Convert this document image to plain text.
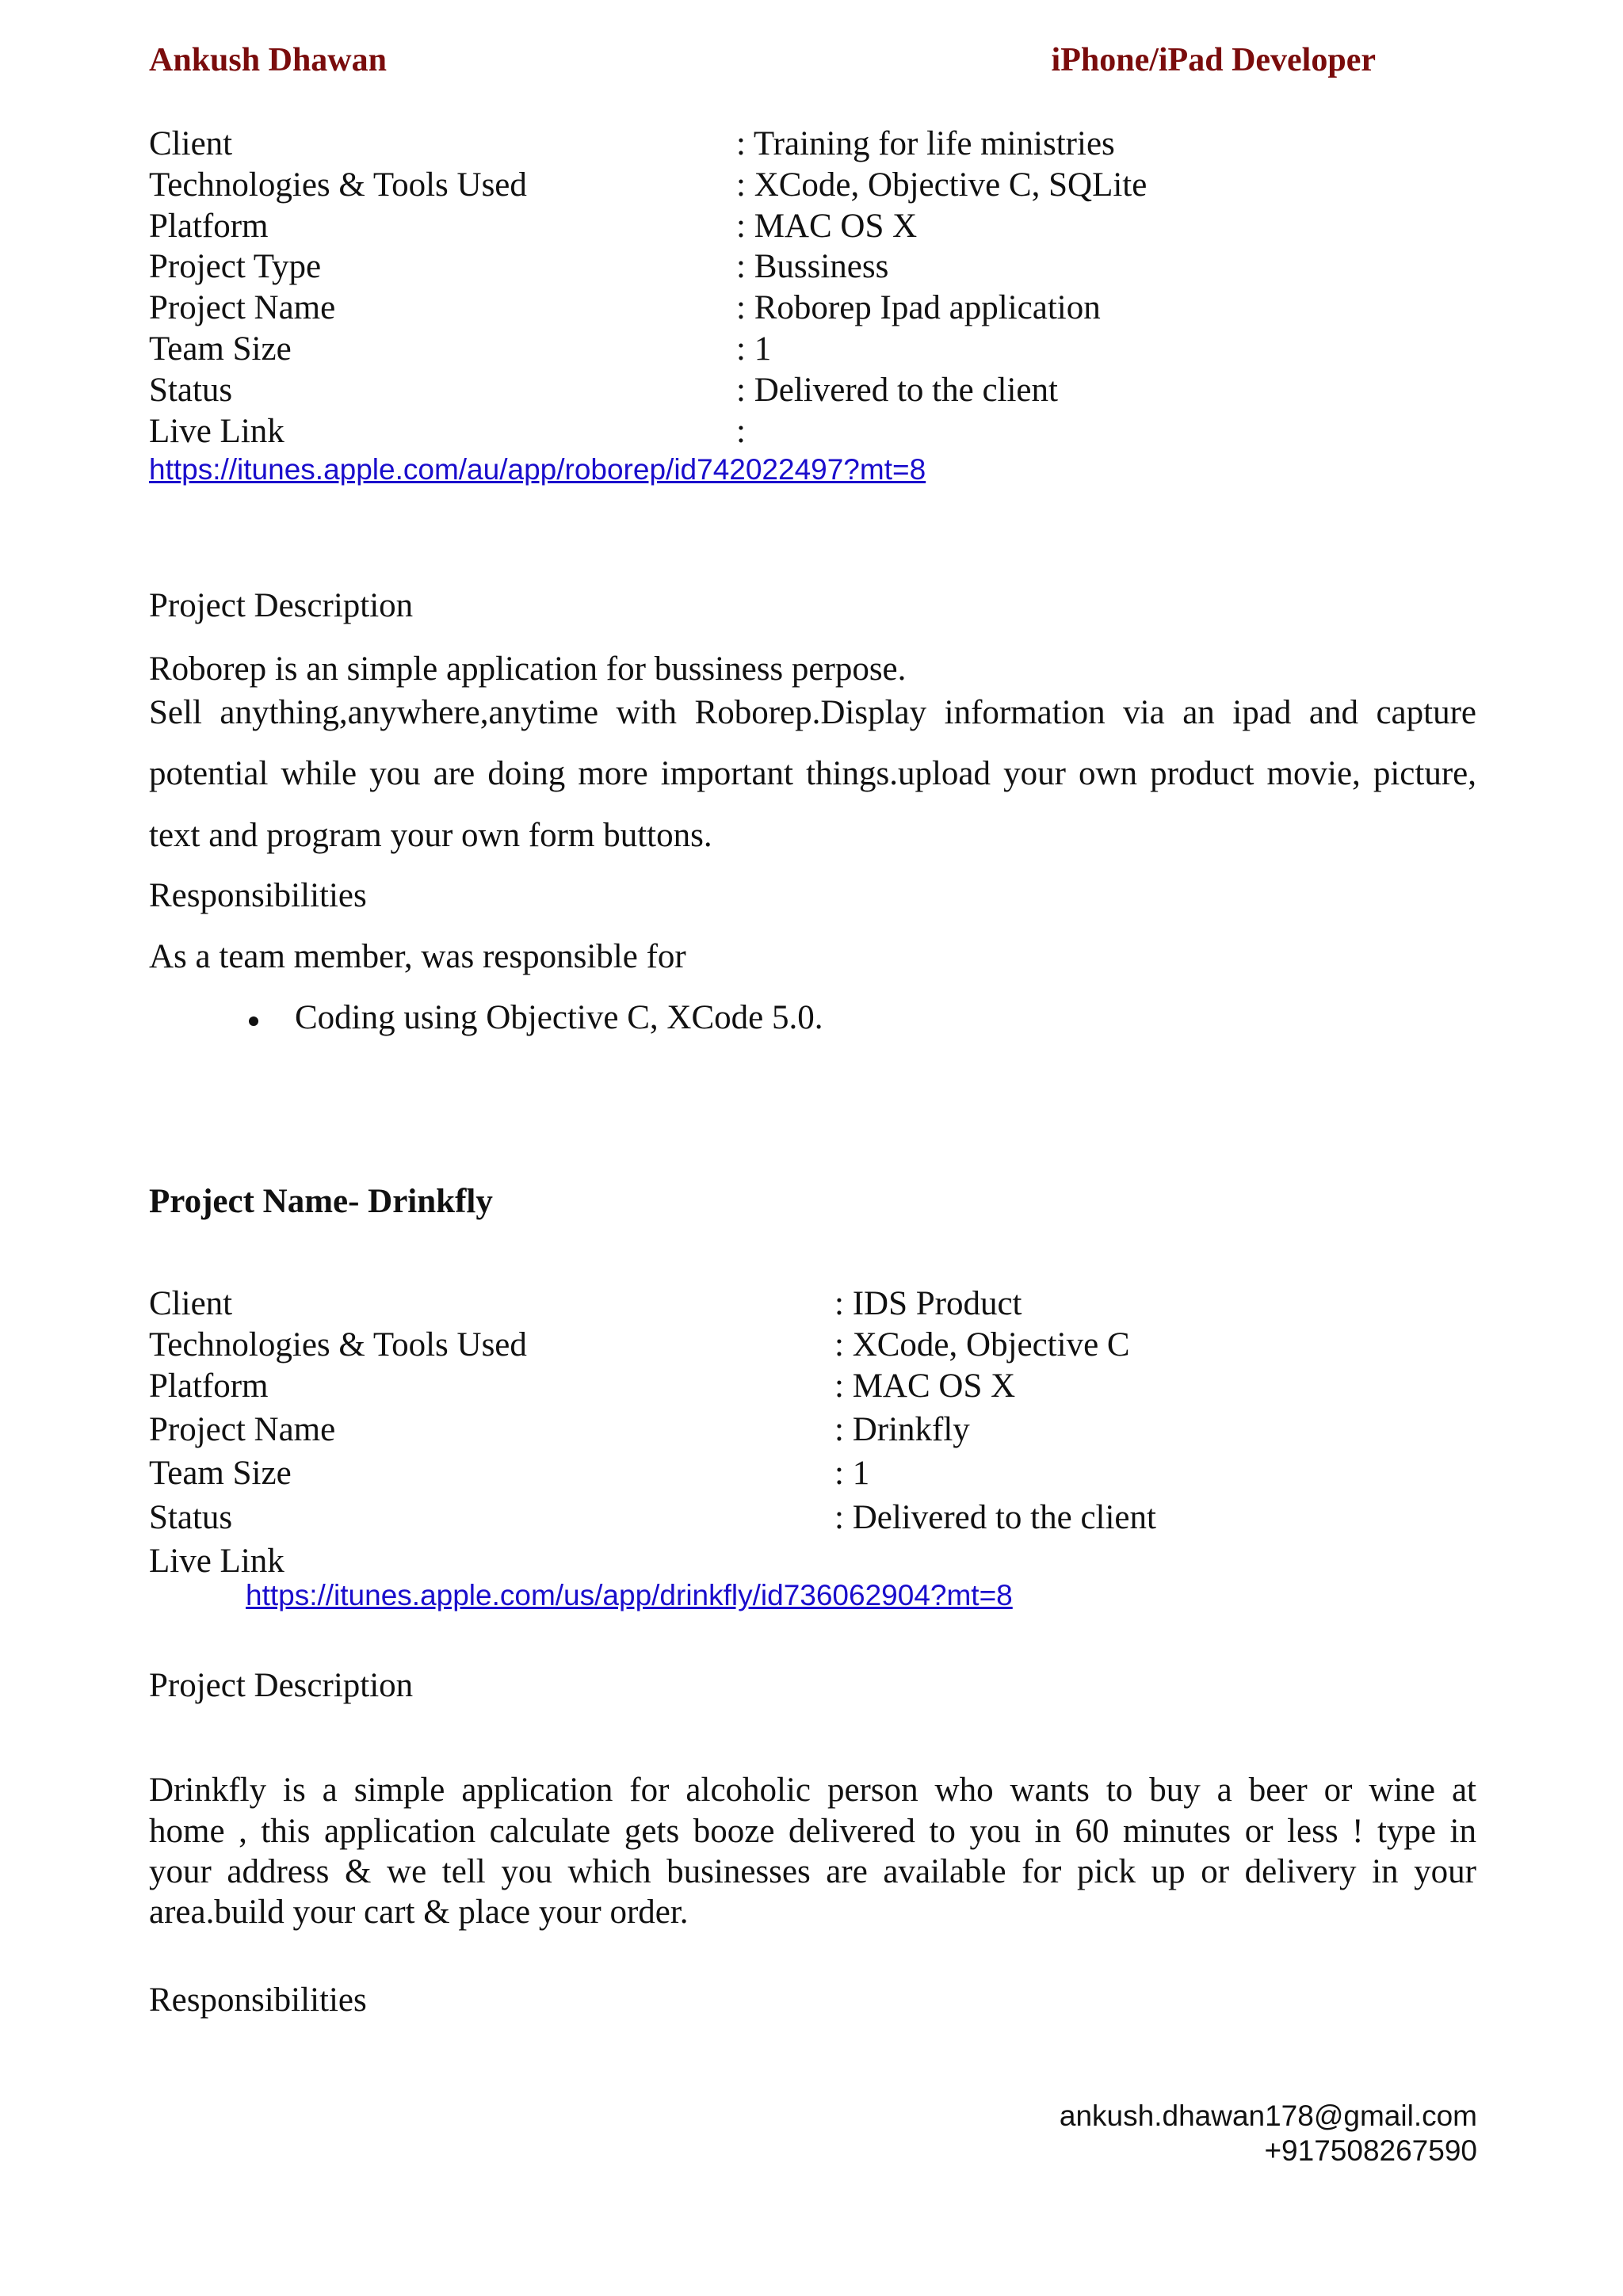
Ankush Dhawan	iPhone/iPad Developer
Client	: Training for life ministries
Technologies & Tools Used	: XCode, Objective C, SQLite
Platform	: MAC OS X
Project Type	: Bussiness
Project Name	: Roborep Ipad application
Team Size	: 1
Status	: Delivered to the client
Live Link	:
https://itunes.apple.com/au/app/roborep/id742022497?mt=8
Project Description
Roborep is an simple application for bussiness perpose.
Sell anything,anywhere,anytime with Roborep.Display information via an ipad and capture
potential while you are doing more important things.upload your own product movie, picture,
text and program your own form buttons.
Responsibilities
As a team member, was responsible for
Coding using Objective C, XCode 5.0.
Project Name- Drinkfly
Client	: IDS Product
Technologies & Tools Used	: XCode, Objective C
Platform	: MAC OS X
Project Name	: Drinkfly
Team Size	: 1
Status	: Delivered to the client
Live Link
https://itunes.apple.com/us/app/drinkfly/id736062904?mt=8
Project Description
Drinkfly is a simple application for alcoholic person who wants to buy a beer or wine at
home , this application calculate gets booze delivered to you in 60 minutes or less ! type in
your address & we tell you which businesses are available for pick up or delivery in your
area.build your cart & place your order.
Responsibilities
ankush.dhawan178@gmail.com
+917508267590
